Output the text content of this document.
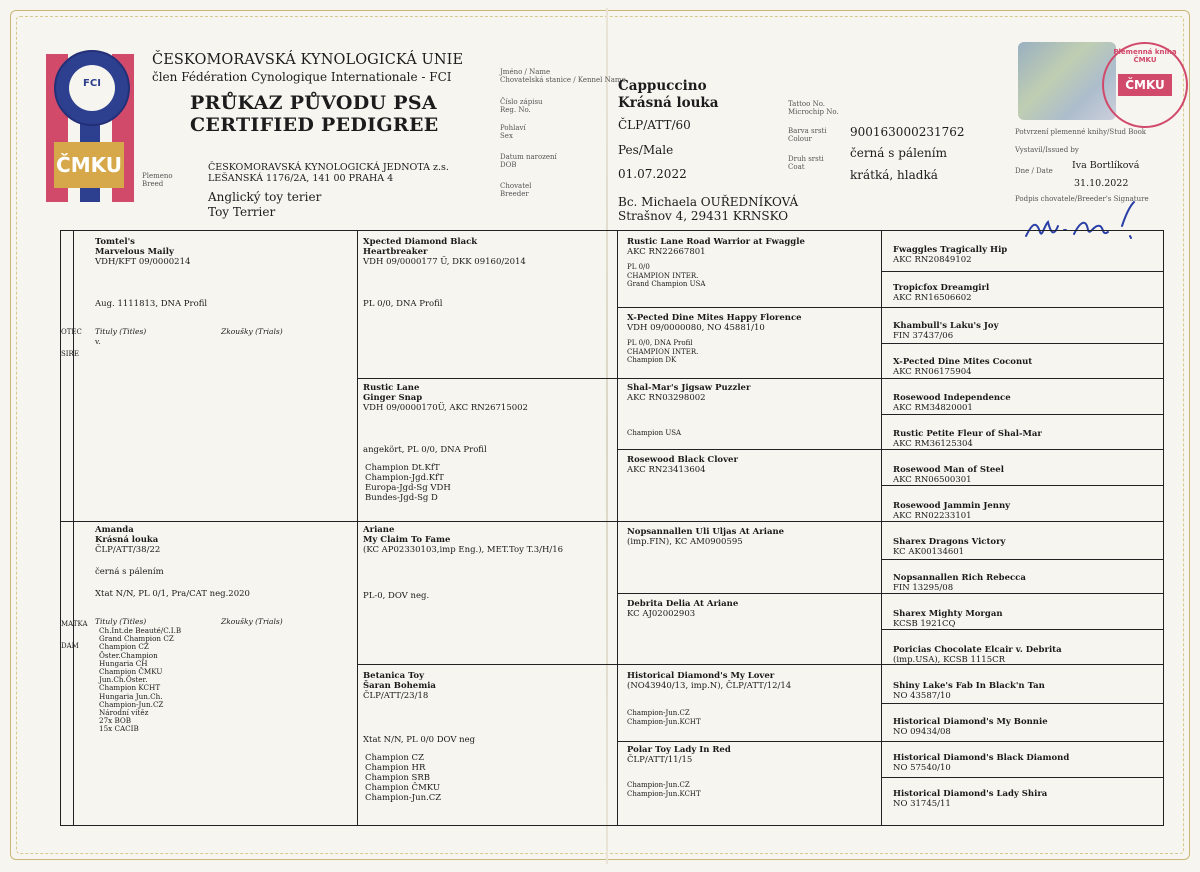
FCI
ČMKU
ČESKOMORAVSKÁ KYNOLOGICKÁ UNIE
člen Fédération Cynologique Internationale - FCI
PRŮKAZ PŮVODU PSA
CERTIFIED PEDIGREE
Plemeno
Breed
ČESKOMORAVSKÁ KYNOLOGICKÁ JEDNOTA z.s.
LEŠANSKÁ 1176/2A, 141 00 PRAHA 4
Anglický toy terier
Toy Terrier
Jméno / Name
Chovatelská stanice / Kennel Name
Cappuccino
Krásná louka
Číslo zápisu
Reg. No.
ČLP/ATT/60
Pohlaví
Sex
Pes/Male
Datum narození
DOB
01.07.2022
Chovatel
Breeder
Bc. Michaela OUŘEDNÍKOVÁ
Strašnov 4, 29431 KRNSKO
Tattoo No.
Microchip No.
900163000231762
Barva srsti
Colour
černá s pálením
Druh srsti
Coat
krátká, hladká
Plemenná kniha ČMKU
ČMKU
Potvrzení plemenné knihy/Stud Book
Vystavil/Issued by
Iva Bortlíková
Dne / Date
31.10.2022
Podpis chovatele/Breeder's Signature
OTEC

SIRE
MATKA

DAM
Tomtel's
Marvelous Maily
VDH/KFT 09/0000214
Aug. 1111813, DNA Profil
Tituly (Titles)	Zkoušky (Trials)
v.
Amanda
Krásná louka
ČLP/ATT/38/22
černá s pálením
Xtat N/N, PL 0/1, Pra/CAT neg.2020
Tituly (Titles)	Zkoušky (Trials)
Ch.Int.de Beauté/C.I.B
Grand Champion CZ
Champion CZ
Öster.Champion
Hungaria CH
Champion ČMKU
Jun.Ch.Öster.
Champion KCHT
Hungaria Jun.Ch.
Champion-Jun.CZ
Národní vítěz
27x BOB
15x CACIB
Xpected Diamond Black
Heartbreaker
VDH 09/0000177 Ü, DKK 09160/2014
PL 0/0, DNA Profil
Rustic Lane
Ginger Snap
VDH 09/0000170Ü, AKC RN26715002
angekört, PL 0/0, DNA Profil
Champion Dt.KfT
Champion-Jgd.KfT
Europa-Jgd-Sg VDH
Bundes-Jgd-Sg D
Ariane
My Claim To Fame
(KC AP02330103,imp Eng.), MET.Toy T.3/H/16
PL-0, DOV neg.
Betanica Toy
Šaran Bohemia
ČLP/ATT/23/18
Xtat N/N, PL 0/0 DOV neg
Champion CZ
Champion HR
Champion SRB
Champion ČMKU
Champion-Jun.CZ
Rustic Lane Road Warrior at Fwaggle
AKC RN22667801
PL 0/0
CHAMPION INTER.
Grand Champion USA
X-Pected Dine Mites Happy Florence
VDH 09/0000080, NO 45881/10
PL 0/0, DNA Profil
CHAMPION INTER.
Champion DK
Shal-Mar's Jigsaw Puzzler
AKC RN03298002
Champion USA
Rosewood Black Clover
AKC RN23413604
Nopsannallen Uli Uljas At Ariane
(imp.FIN), KC AM0900595
Debrita Delia At Ariane
KC AJ02002903
Historical Diamond's My Lover
(NO43940/13, imp.N), ČLP/ATT/12/14
Champion-Jun.CZ
Champion-Jun.KCHT
Polar Toy Lady In Red
ČLP/ATT/11/15
Champion-Jun.CZ
Champion-Jun.KCHT
Fwaggles Tragically Hip
AKC RN20849102
Tropicfox Dreamgirl
AKC RN16506602
Khambull's Laku's Joy
FIN 37437/06
X-Pected Dine Mites Coconut
AKC RN06175904
Rosewood Independence
AKC RM34820001
Rustic Petite Fleur of Shal-Mar
AKC RM36125304
Rosewood Man of Steel
AKC RN06500301
Rosewood Jammin Jenny
AKC RN02233101
Sharex Dragons Victory
KC AK00134601
Nopsannallen Rich Rebecca
FIN 13295/08
Sharex Mighty Morgan
KCSB 1921CQ
Poricias Chocolate Elcair v. Debrita
(imp.USA), KCSB 1115CR
Shiny Lake's Fab In Black'n Tan
NO 43587/10
Historical Diamond's My Bonnie
NO 09434/08
Historical Diamond's Black Diamond
NO 57540/10
Historical Diamond's Lady Shira
NO 31745/11
